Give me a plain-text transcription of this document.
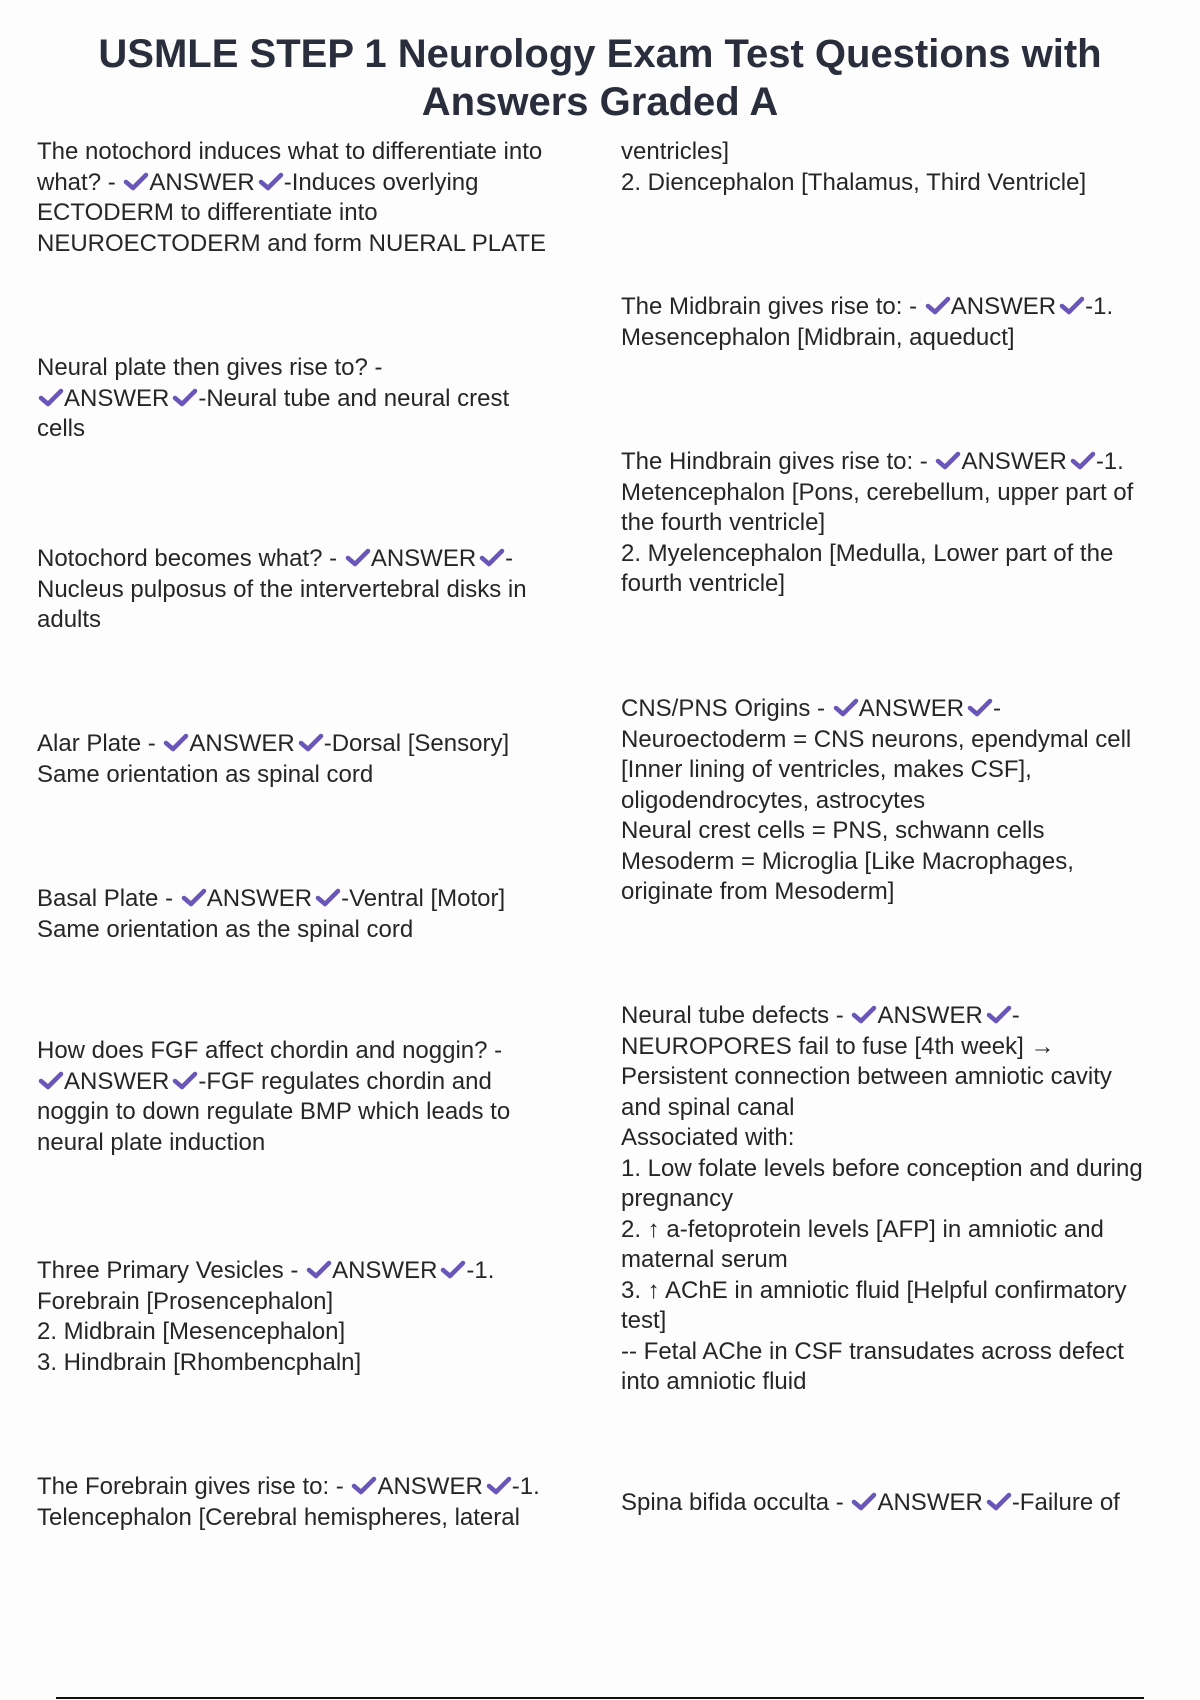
USMLE STEP 1 Neurology Exam Test Questions with
Answers Graded A
The notochord induces what to differentiate into
what? -
ANSWER -Induces overlying
ECTODERM to differentiate into
NEUROECTODERM and form NUERAL PLATE
Neural plate then gives rise to? -
ANSWER -Neural tube and neural crest
cells
Notochord becomes what? -
ANSWER -
Nucleus pulposus of the intervertebral disks in
adults
Alar Plate -
ANSWER -Dorsal [Sensory]
Same orientation as spinal cord
Basal Plate -
ANSWER -Ventral [Motor]
Same orientation as the spinal cord
How does FGF affect chordin and noggin? -
ANSWER -FGF regulates chordin and
noggin to down regulate BMP which leads to
neural plate induction
Three Primary Vesicles -
ANSWER -1.
Forebrain [Prosencephalon]
2. Midbrain [Mesencephalon]
3. Hindbrain [Rhombencphaln]
The Forebrain gives rise to: -
ANSWER -1.
Telencephalon [Cerebral hemispheres, lateral
ventricles]
2. Diencephalon [Thalamus, Third Ventricle]
The Midbrain gives rise to: -
ANSWER -1.
Mesencephalon [Midbrain, aqueduct]
The Hindbrain gives rise to: -
ANSWER -1.
Metencephalon [Pons, cerebellum, upper part of
the fourth ventricle]
2. Myelencephalon [Medulla, Lower part of the
fourth ventricle]
CNS/PNS Origins -
ANSWER -
Neuroectoderm = CNS neurons, ependymal cell
[Inner lining of ventricles, makes CSF],
oligodendrocytes, astrocytes
Neural crest cells = PNS, schwann cells
Mesoderm = Microglia [Like Macrophages,
originate from Mesoderm]
Neural tube defects -
ANSWER -
NEUROPORES fail to fuse [4th week] →
Persistent connection between amniotic cavity
and spinal canal
Associated with:
1. Low folate levels before conception and during
pregnancy
2. ↑ a-fetoprotein levels [AFP] in amniotic and
maternal serum
3. ↑ AChE in amniotic fluid [Helpful confirmatory
test]
-- Fetal AChe in CSF transudates across defect
into amniotic fluid
Spina bifida occulta -
ANSWER -Failure of
